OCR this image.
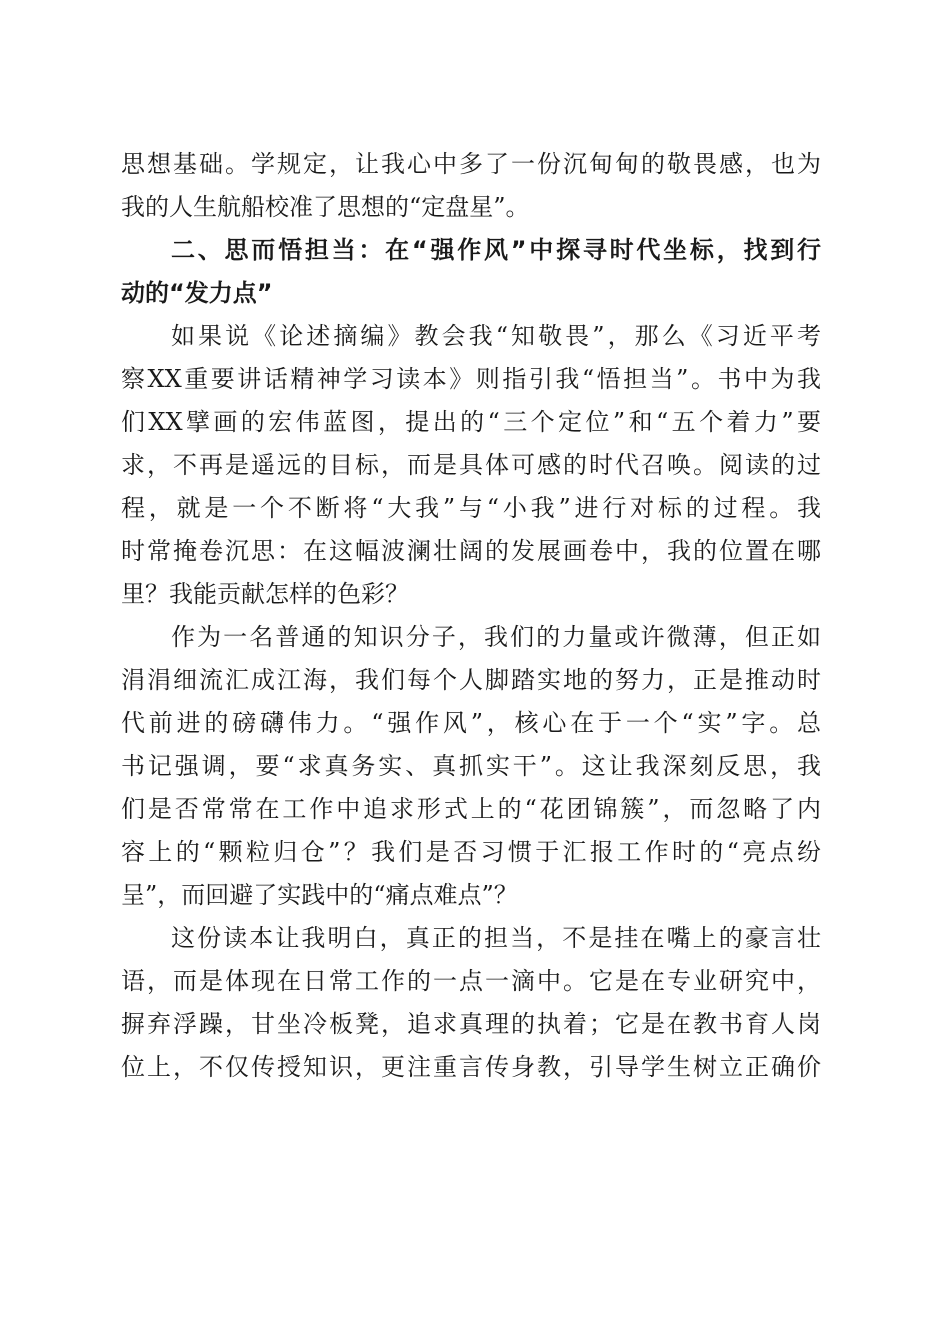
思想基础。学规定，让我心中多了一份沉甸甸的敬畏感，也为
我的人生航船校准了思想的“定盘星”。
二、思而悟担当：在“强作风”中探寻时代坐标，找到行
动的“发力点”
如果说《论述摘编》教会我“知敬畏”，那么《习近平考
察XX重要讲话精神学习读本》则指引我“悟担当”。书中为我
们XX擘画的宏伟蓝图，提出的“三个定位”和“五个着力”要
求，不再是遥远的目标，而是具体可感的时代召唤。阅读的过
程，就是一个不断将“大我”与“小我”进行对标的过程。我
时常掩卷沉思：在这幅波澜壮阔的发展画卷中，我的位置在哪
里？我能贡献怎样的色彩？
作为一名普通的知识分子，我们的力量或许微薄，但正如
涓涓细流汇成江海，我们每个人脚踏实地的努力，正是推动时
代前进的磅礴伟力。“强作风”，核心在于一个“实”字。总
书记强调，要“求真务实、真抓实干”。这让我深刻反思，我
们是否常常在工作中追求形式上的“花团锦簇”，而忽略了内
容上的“颗粒归仓”？我们是否习惯于汇报工作时的“亮点纷
呈”，而回避了实践中的“痛点难点”？
这份读本让我明白，真正的担当，不是挂在嘴上的豪言壮
语，而是体现在日常工作的一点一滴中。它是在专业研究中，
摒弃浮躁，甘坐冷板凳，追求真理的执着；它是在教书育人岗
位上，不仅传授知识，更注重言传身教，引导学生树立正确价
